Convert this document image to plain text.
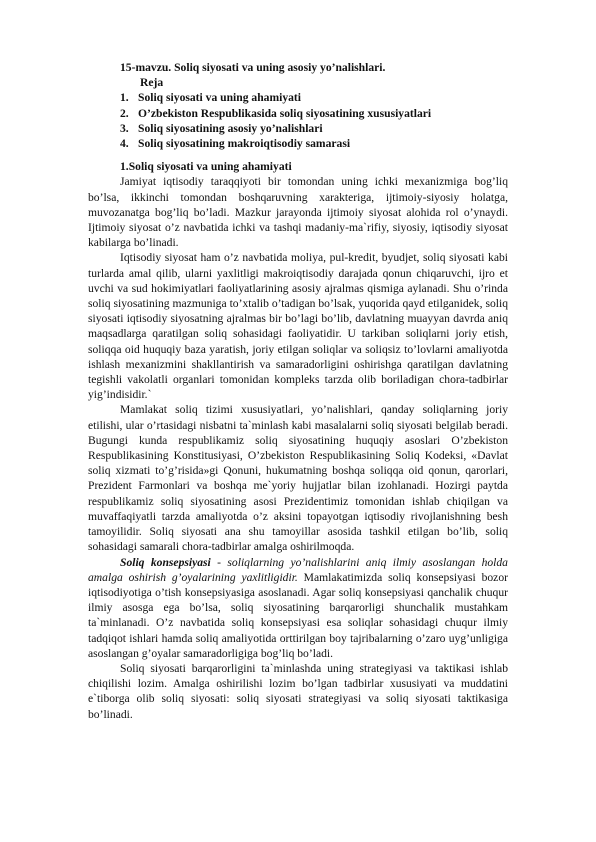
15-mavzu. Soliq siyosati va uning asosiy yo’nalishlari.
Reja
1. Soliq siyosati va uning ahamiyati
2. O’zbekiston Respublikasida soliq siyosatining xususiyatlari
3. Soliq siyosatining asosiy yo’nalishlari
4. Soliq siyosatining makroiqtisodiy samarasi
1.Soliq siyosati va uning ahamiyati

Jamiyat iqtisodiy taraqqiyoti bir tomondan uning ichki mexanizmiga bog’liq bo’lsa, ikkinchi tomondan boshqaruvning xarakteriga, ijtimoiy-siyosiy holatga, muvozanatga bog’liq bo’ladi. Mazkur jarayonda ijtimoiy siyosat alohida rol o’ynaydi. Ijtimoiy siyosat o’z navbatida ichki va tashqi madaniy-ma`rifiy, siyosiy, iqtisodiy siyosat kabilarga bo’linadi.

Iqtisodiy siyosat ham o’z navbatida moliya, pul-kredit, byudjet, soliq siyosati kabi turlarda amal qilib, ularni yaxlitligi makroiqtisodiy darajada qonun chiqaruvchi, ijro et uvchi va sud hokimiyatlari faoliyatlarining asosiy ajralmas qismiga aylanadi. Shu o’rinda soliq siyosatining mazmuniga to’xtalib o’tadigan bo’lsak, yuqorida qayd etilganidek, soliq siyosati iqtisodiy siyosatning ajralmas bir bo’lagi bo’lib, davlatning muayyan davrda aniq maqsadlarga qaratilgan soliq sohasidagi faoliyatidir. U tarkiban soliqlarni joriy etish, soliqqa oid huquqiy baza yaratish, joriy etilgan soliqlar va soliqsiz to’lovlarni amaliyotda ishlash mexanizmini shakllantirish va samaradorligini oshirishga qaratilgan davlatning tegishli vakolatli organlari tomonidan kompleks tarzda olib boriladigan chora-tadbirlar yig’indisidir.`

Mamlakat soliq tizimi xususiyatlari, yo’nalishlari, qanday soliqlarning joriy etilishi, ular o’rtasidagi nisbatni ta`minlash kabi masalalarni soliq siyosati belgilab beradi. Bugungi kunda respublikamiz soliq siyosatining huquqiy asoslari O’zbekiston Respublikasining Konstitusiyasi, O’zbekiston Respublikasining Soliq Kodeksi, «Davlat soliq xizmati to’g’risida»gi Qonuni, hukumatning boshqa soliqqa oid qonun, qarorlari, Prezident Farmonlari va boshqa me`yoriy hujjatlar bilan izohlanadi. Hozirgi paytda respublikamiz soliq siyosatining asosi Prezidentimiz tomonidan ishlab chiqilgan va muvaffaqiyatli tarzda amaliyotda o’z aksini topayotgan iqtisodiy rivojlanishning besh tamoyilidir. Soliq siyosati ana shu tamoyillar asosida tashkil etilgan bo’lib, soliq sohasidagi samarali chora-tadbirlar amalga oshirilmoqda.

Soliq konsepsiyasi - soliqlarning yo’nalishlarini aniq ilmiy asoslangan holda amalga oshirish g’oyalarining yaxlitligidir. Mamlakatimizda soliq konsepsiyasi bozor iqtisodiyotiga o’tish konsepsiyasiga asoslanadi. Agar soliq konsepsiyasi qanchalik chuqur ilmiy asosga ega bo’lsa, soliq siyosatining barqarorligi shunchalik mustahkam ta`minlanadi. O’z navbatida soliq konsepsiyasi esa soliqlar sohasidagi chuqur ilmiy tadqiqot ishlari hamda soliq amaliyotida orttirilgan boy tajribalarning o’zaro uyg’unligiga asoslangan g’oyalar samaradorligiga bog’liq bo’ladi.

Soliq siyosati barqarorligini ta`minlashda uning strategiyasi va taktikasi ishlab chiqilishi lozim. Amalga oshirilishi lozim bo’lgan tadbirlar xususiyati va muddatini e`tiborga olib soliq siyosati: soliq siyosati strategiyasi va soliq siyosati taktikasiga bo’linadi.
